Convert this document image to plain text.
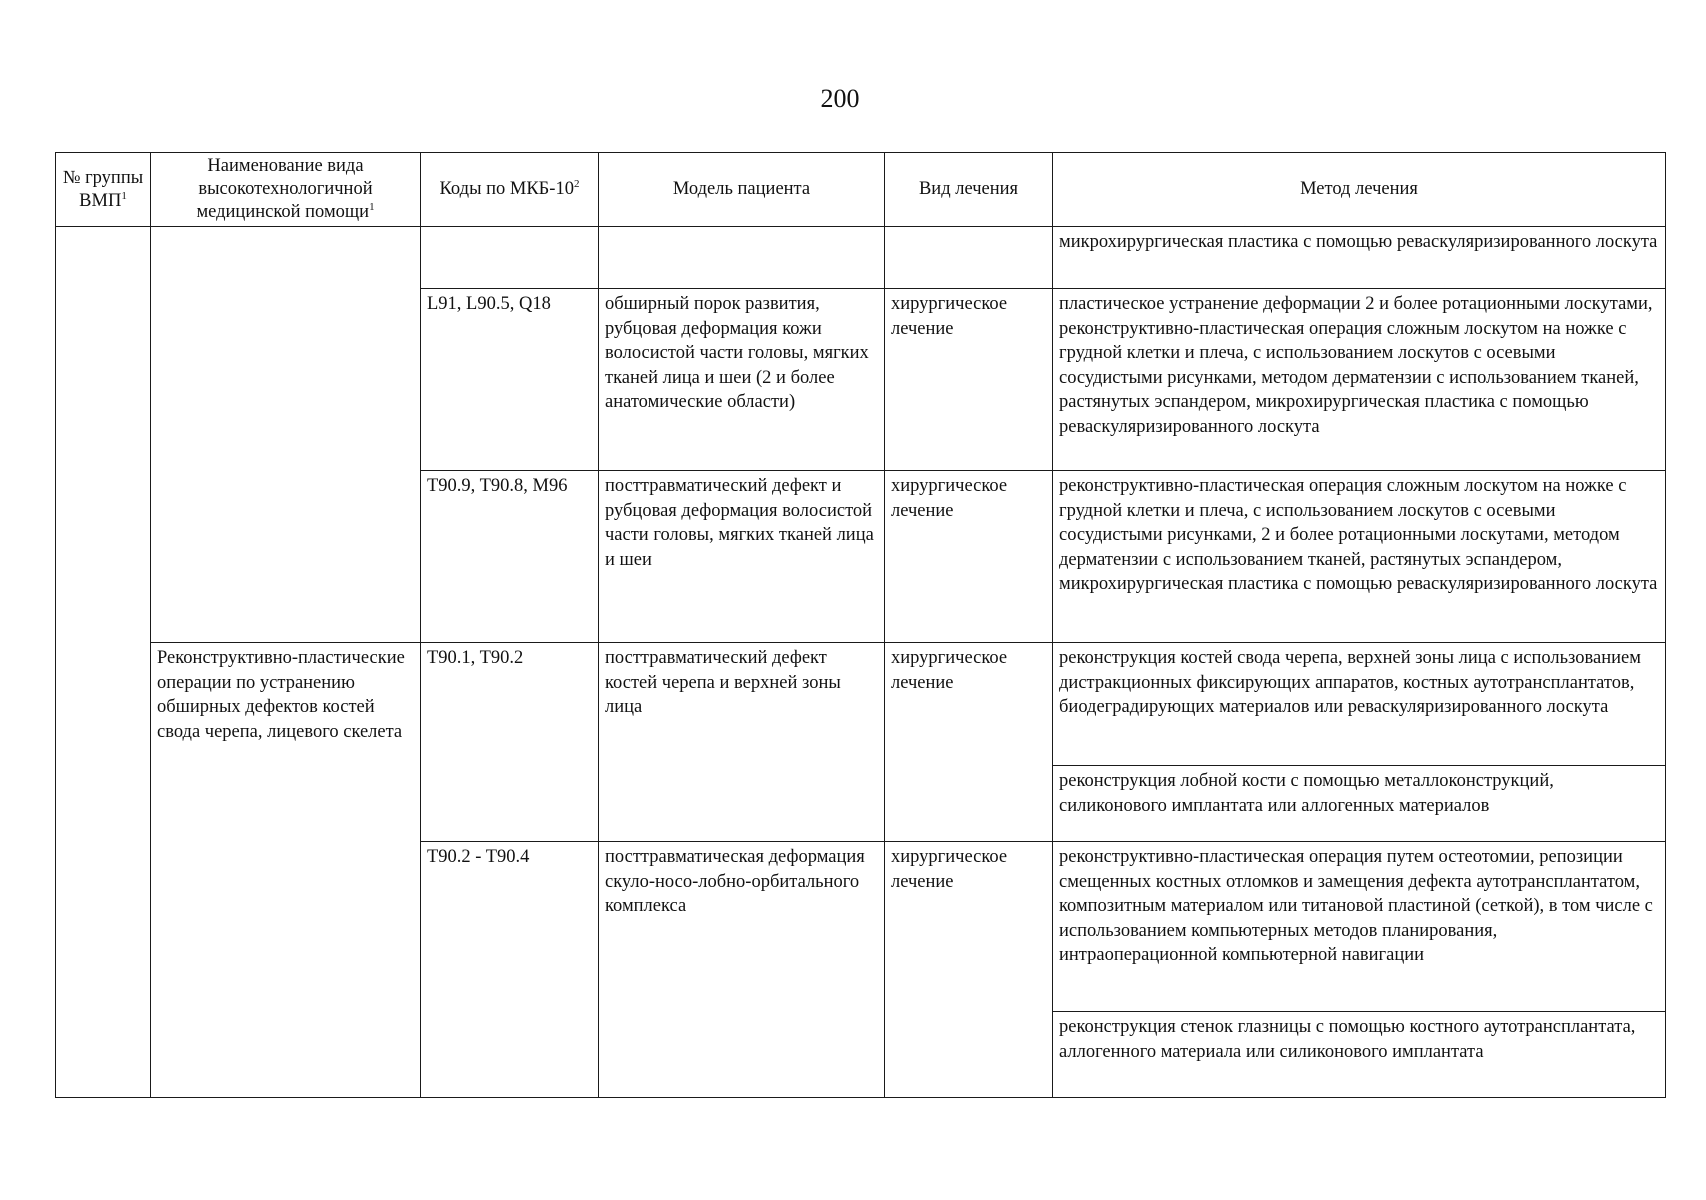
200
№ группы ВМП$^1$	Наименование вида высокотехнологичной медицинской помощи$^1$	Коды по МКБ-$10^2$	Модель пациента	Вид лечения	Метод лечения
					микрохирургическая пластика с помощью реваскуляризированного лоскута
		L91, L90.5, Q18	обширный порок развития, рубцовая деформация кожи волосистой части головы, мягких тканей лица и шеи (2 и более анатомические области)	хирургическое лечение	пластическое устранение деформации 2 и более ротационными лоскутами, реконструктивно-пластическая операция сложным лоскутом на ножке с грудной клетки и плеча, с использованием лоскутов с осевыми сосудистыми рисунками, методом дерматензии с использованием тканей, растянутых эспандером, микрохирургическая пластика с помощью реваскуляризированного лоскута
		T90.9, T90.8, M96	посттравматический дефект и рубцовая деформация волосистой части головы, мягких тканей лица и шеи	хирургическое лечение	реконструктивно-пластическая операция сложным лоскутом на ножке с грудной клетки и плеча, с использованием лоскутов с осевыми сосудистыми рисунками, 2 и более ротационными лоскутами, методом дерматензии с использованием тканей, растянутых эспандером, микрохирургическая пластика с помощью реваскуляризированного лоскута
	Реконструктивно-пластические операции по устранению обширных дефектов костей свода черепа, лицевого скелета	T90.1, T90.2	посттравматический дефект костей черепа и верхней зоны лица	хирургическое лечение	реконструкция костей свода черепа, верхней зоны лица с использованием дистракционных фиксирующих аппаратов, костных аутотрансплантатов, биодеградирующих материалов или реваскуляризированного лоскута
					реконструкция лобной кости с помощью металлоконструкций, силиконового имплантата или аллогенных материалов
		T90.2 - T90.4	посттравматическая деформация скуло-носо-лобно-орбитального комплекса	хирургическое лечение	реконструктивно-пластическая операция путем остеотомии, репозиции смещенных костных отломков и замещения дефекта аутотрансплантатом, композитным материалом или титановой пластиной (сеткой), в том числе с использованием компьютерных методов планирования, интраоперационной компьютерной навигации
					реконструкция стенок глазницы с помощью костного аутотрансплантата, аллогенного материала или силиконового имплантата
